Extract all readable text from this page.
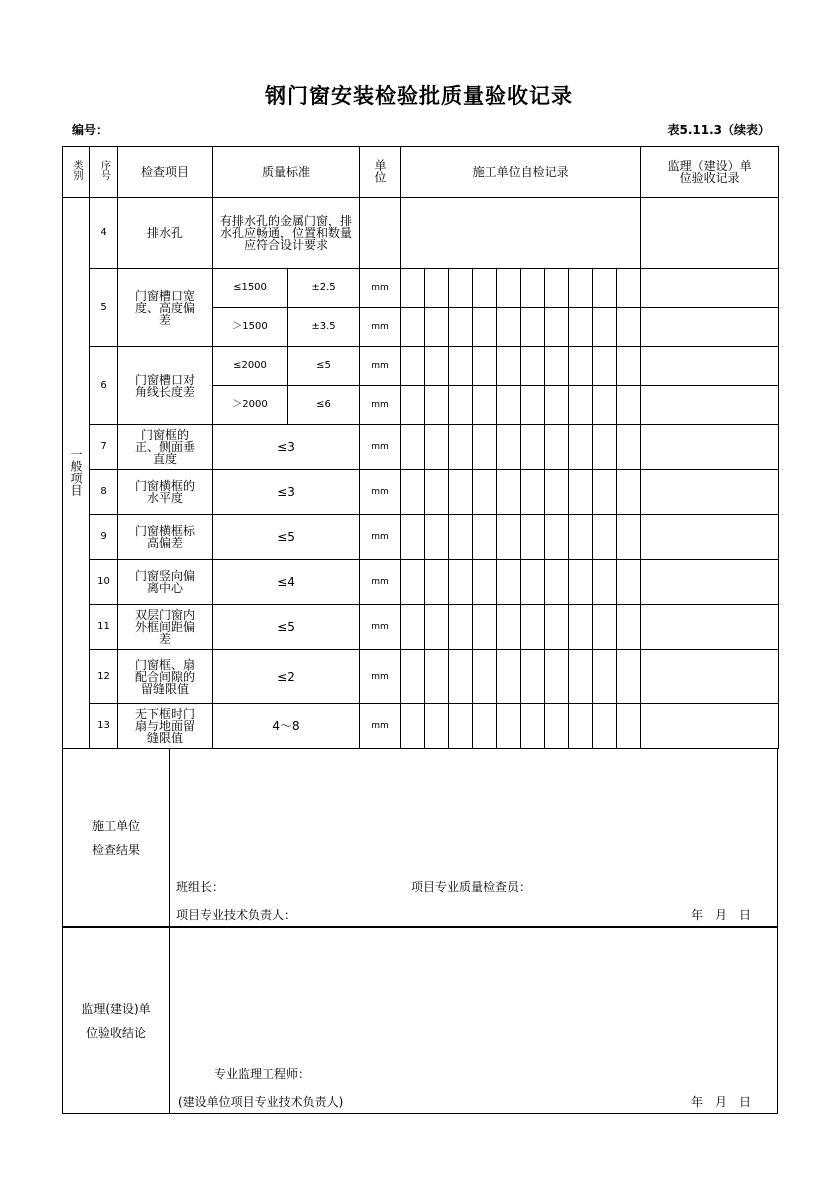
钢门窗安装检验批质量验收记录
编号：	表5.11.3（续表）
类别	序号	检查项目	质量标准		单位	施工单位自检记录										监理（建设）单位验收记录
一般项目	4	排水孔	有排水孔的金属门窗，排水孔应畅通，位置和数量应符合设计要求													
	5	门窗槽口宽度、高度偏差	≤1500	±2.5	mm											
			＞1500	±3.5	mm											
	6	门窗槽口对角线长度差	≤2000	≤5	mm											
			＞2000	≤6	mm											
	7	门窗框的正、侧面垂直度	≤3		mm											
	8	门窗横框的水平度	≤3		mm											
	9	门窗横框标高偏差	≤5		mm											
	10	门窗竖向偏离中心	≤4		mm											
	11	双层门窗内外框间距偏差	≤5		mm											
	12	门窗框、扇配合间隙的留缝限值	≤2		mm											
	13	无下框时门扇与地面留缝限值	4～8		mm											
施工单位
检查结果
班组长：	项目专业质量检查员：
项目专业技术负责人：	年　月　日
监理(建设)单
位验收结论
专业监理工程师：
(建设单位项目专业技术负责人)	年　月　日
